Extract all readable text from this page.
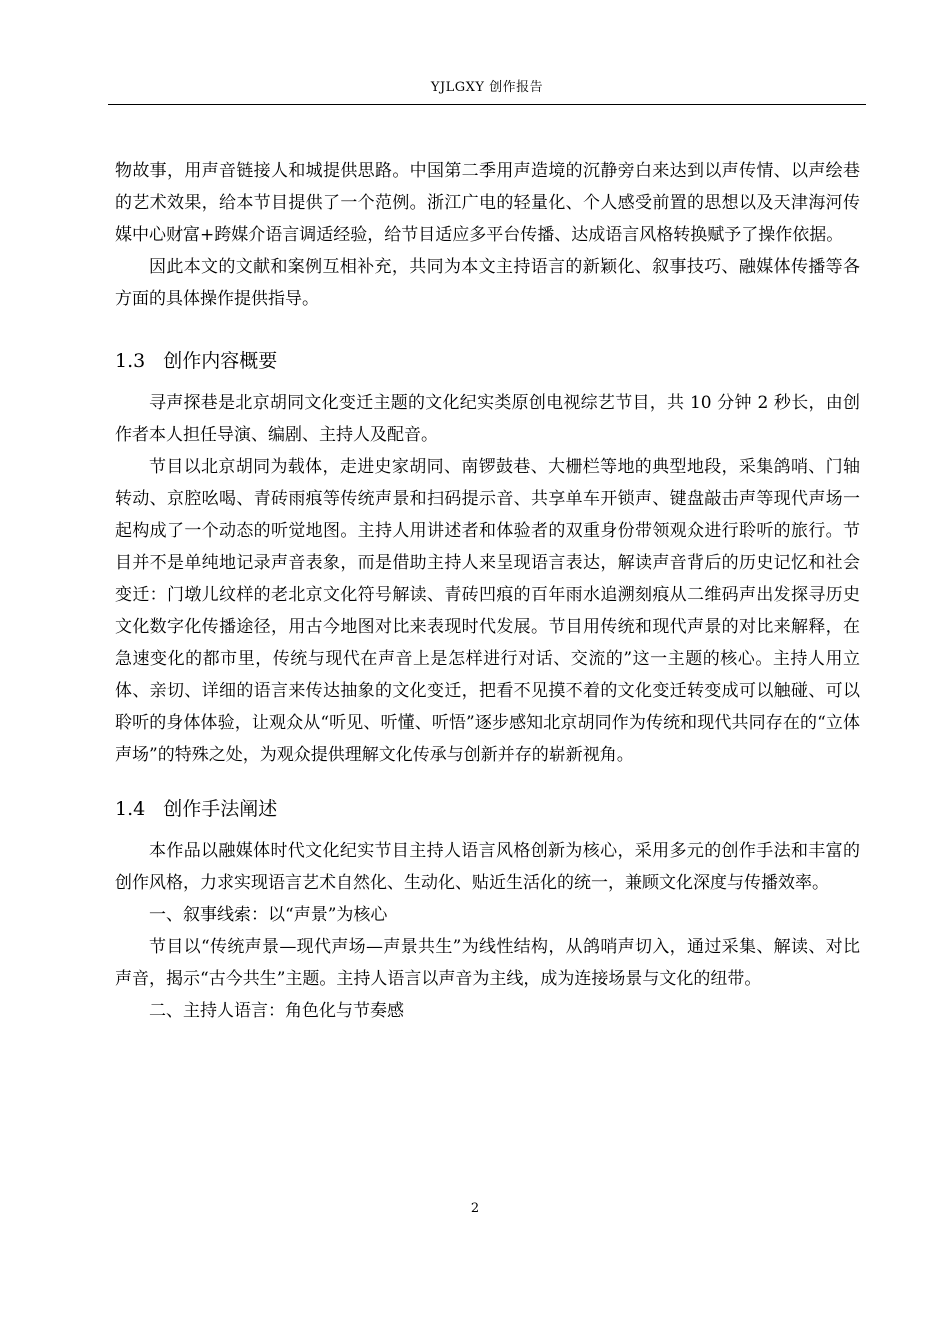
YJLGXY 创作报告

物故事，用声音链接人和城提供思路。中国第二季用声造境的沉静旁白来达到以声传情、以声绘巷的艺术效果，给本节目提供了一个范例。浙江广电的轻量化、个人感受前置的思想以及天津海河传媒中心财富+跨媒介语言调适经验，给节目适应多平台传播、达成语言风格转换赋予了操作依据。

因此本文的文献和案例互相补充，共同为本文主持语言的新颖化、叙事技巧、融媒体传播等各方面的具体操作提供指导。

1.3 创作内容概要

寻声探巷是北京胡同文化变迁主题的文化纪实类原创电视综艺节目，共 10 分钟 2 秒长，由创作者本人担任导演、编剧、主持人及配音。

节目以北京胡同为载体，走进史家胡同、南锣鼓巷、大栅栏等地的典型地段，采集鸽哨、门轴转动、京腔吆喝、青砖雨痕等传统声景和扫码提示音、共享单车开锁声、键盘敲击声等现代声场一起构成了一个动态的听觉地图。主持人用讲述者和体验者的双重身份带领观众进行聆听的旅行。节目并不是单纯地记录声音表象，而是借助主持人来呈现语言表达，解读声音背后的历史记忆和社会变迁：门墩儿纹样的老北京文化符号解读、青砖凹痕的百年雨水追溯刻痕从二维码声出发探寻历史文化数字化传播途径，用古今地图对比来表现时代发展。节目用传统和现代声景的对比来解释，在急速变化的都市里，传统与现代在声音上是怎样进行对话、交流的”这一主题的核心。主持人用立体、亲切、详细的语言来传达抽象的文化变迁，把看不见摸不着的文化变迁转变成可以触碰、可以聆听的身体体验，让观众从“听见、听懂、听悟”逐步感知北京胡同作为传统和现代共同存在的“立体声场”的特殊之处，为观众提供理解文化传承与创新并存的崭新视角。

1.4 创作手法阐述

本作品以融媒体时代文化纪实节目主持人语言风格创新为核心，采用多元的创作手法和丰富的创作风格，力求实现语言艺术自然化、生动化、贴近生活化的统一，兼顾文化深度与传播效率。

一、叙事线索：以“声景”为核心

节目以“传统声景—现代声场—声景共生”为线性结构，从鸽哨声切入，通过采集、解读、对比声音，揭示“古今共生”主题。主持人语言以声音为主线，成为连接场景与文化的纽带。

二、主持人语言：角色化与节奏感

2
